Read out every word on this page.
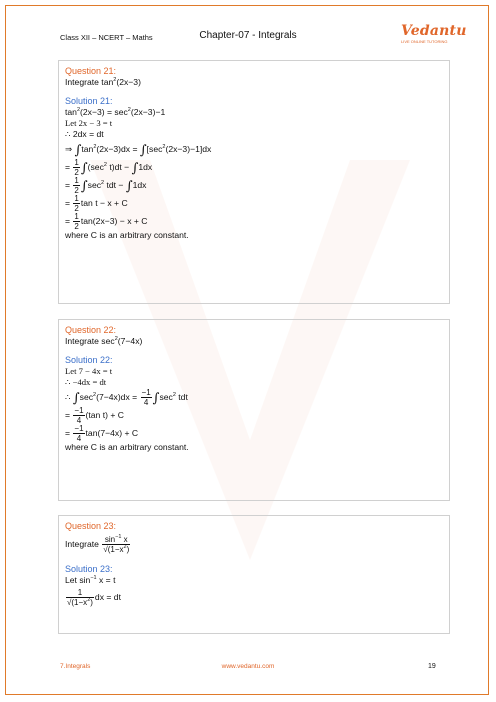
Class XII – NCERT – Maths	Chapter-07 - Integrals	Vedantu
LIVE ONLINE TUTORING
Question 21:
Integrate $\tan^2(2x-3)$
Solution 21:
$\tan^2(2x-3) = \sec^2(2x-3)-1$
Let 2x − 3 = t
∴ 2dx = dt
⇒ $\int\tan^2(2x-3)dx = \int[\sec^2(2x-3)-1]dx$
= $\frac{1}{2} \int(\sec^2$ t)dt − ∫1dx
= $\frac{1}{2} \int\sec^2$ tdt − ∫1dx
= $\frac{1}{2}$ tan t − x + C
= $\frac{1}{2} \tan(2x-3) - x + C$
where C is an arbitrary constant.
Question 22:
Integrate $\sec^2(7-4x)$
Solution 22:
Let 7 − 4x = t
∴ −4dx = dt
∴ $\int\sec^2(7-4x)dx = \frac{-1}{4} \int\sec^2$ tdt
= $\frac{-1}{4} (\tan$ t) + C
= $\frac{-1}{4} \tan(7-4x) + C$
where C is an arbitrary constant.
Question 23:
Integrate $\frac{\sin^{-1} x}{√(1-x^2)}$
Solution 23:
Let $\sin^{-1} x = t$
$\frac{1}{√(1-x^2)}$ dx = dt
7.Integrals	www.vedantu.com	19
